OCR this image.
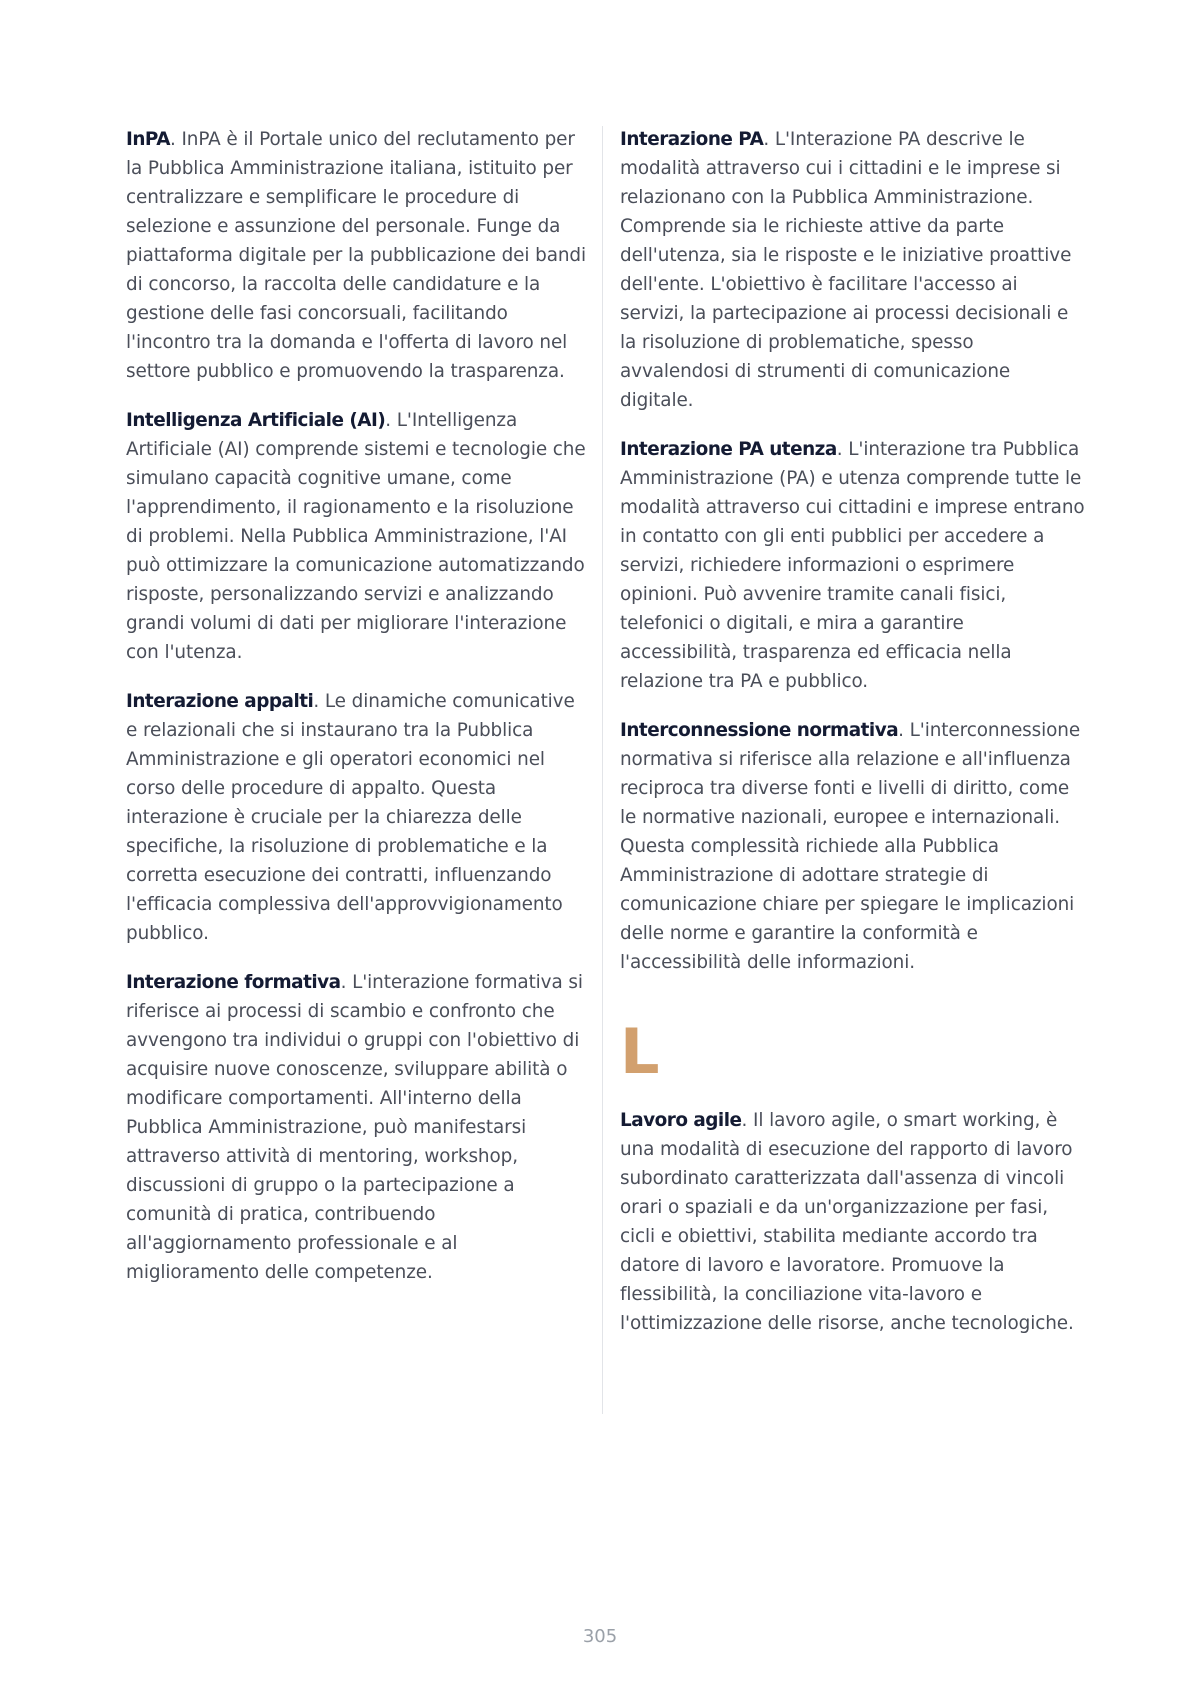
InPA. InPA è il Portale unico del reclutamento per la Pubblica Amministrazione italiana, istituito per centralizzare e semplificare le procedure di selezione e assunzione del personale. Funge da piattaforma digitale per la pubblicazione dei bandi di concorso, la raccolta delle candidature e la gestione delle fasi concorsuali, facilitando l'incontro tra la domanda e l'offerta di lavoro nel settore pubblico e promuovendo la trasparenza.

Intelligenza Artificiale (AI). L'Intelligenza Artificiale (AI) comprende sistemi e tecnologie che simulano capacità cognitive umane, come l'apprendimento, il ragionamento e la risoluzione di problemi. Nella Pubblica Amministrazione, l'AI può ottimizzare la comunicazione automatizzando risposte, personalizzando servizi e analizzando grandi volumi di dati per migliorare l'interazione con l'utenza.

Interazione appalti. Le dinamiche comunicative e relazionali che si instaurano tra la Pubblica Amministrazione e gli operatori economici nel corso delle procedure di appalto. Questa interazione è cruciale per la chiarezza delle specifiche, la risoluzione di problematiche e la corretta esecuzione dei contratti, influenzando l'efficacia complessiva dell'approvvigionamento pubblico.

Interazione formativa. L'interazione formativa si riferisce ai processi di scambio e confronto che avvengono tra individui o gruppi con l'obiettivo di acquisire nuove conoscenze, sviluppare abilità o modificare comportamenti. All'interno della Pubblica Amministrazione, può manifestarsi attraverso attività di mentoring, workshop, discussioni di gruppo o la partecipazione a comunità di pratica, contribuendo all'aggiornamento professionale e al miglioramento delle competenze.

Interazione PA. L'Interazione PA descrive le modalità attraverso cui i cittadini e le imprese si relazionano con la Pubblica Amministrazione. Comprende sia le richieste attive da parte dell'utenza, sia le risposte e le iniziative proattive dell'ente. L'obiettivo è facilitare l'accesso ai servizi, la partecipazione ai processi decisionali e la risoluzione di problematiche, spesso avvalendosi di strumenti di comunicazione digitale.

Interazione PA utenza. L'interazione tra Pubblica Amministrazione (PA) e utenza comprende tutte le modalità attraverso cui cittadini e imprese entrano in contatto con gli enti pubblici per accedere a servizi, richiedere informazioni o esprimere opinioni. Può avvenire tramite canali fisici, telefonici o digitali, e mira a garantire accessibilità, trasparenza ed efficacia nella relazione tra PA e pubblico.

Interconnessione normativa. L'interconnessione normativa si riferisce alla relazione e all'influenza reciproca tra diverse fonti e livelli di diritto, come le normative nazionali, europee e internazionali. Questa complessità richiede alla Pubblica Amministrazione di adottare strategie di comunicazione chiare per spiegare le implicazioni delle norme e garantire la conformità e l'accessibilità delle informazioni.

L

Lavoro agile. Il lavoro agile, o smart working, è una modalità di esecuzione del rapporto di lavoro subordinato caratterizzata dall'assenza di vincoli orari o spaziali e da un'organizzazione per fasi, cicli e obiettivi, stabilita mediante accordo tra datore di lavoro e lavoratore. Promuove la flessibilità, la conciliazione vita-lavoro e l'ottimizzazione delle risorse, anche tecnologiche.

305
